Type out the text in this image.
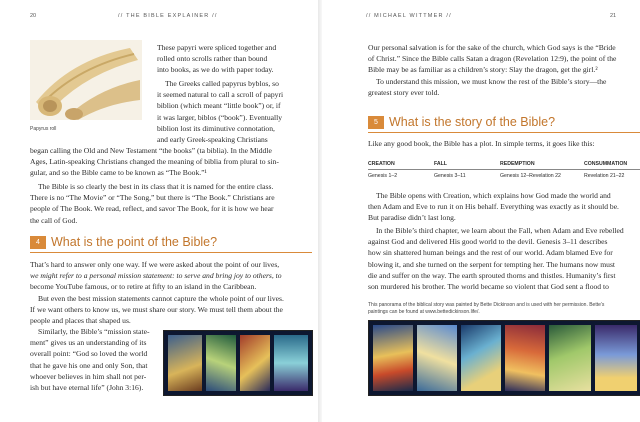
20	// THE BIBLE EXPLAINER //
Papyrus roll

These papyri were spliced together and

rolled onto scrolls rather than bound

into books, as we do with paper today.

The Greeks called papyrus byblos, so

it seemed natural to call a scroll of papyri

biblion (which meant “little book”) or, if

it was larger, biblos (“book”). Eventually

biblion lost its diminutive connotation,

and early Greek-speaking Christians

began calling the Old and New Testament “the books” (ta biblia). In the Middle

Ages, Latin-speaking Christians changed the meaning of biblia from plural to sin-

gular, and so the Bible came to be known as “The Book.”¹

The Bible is so clearly the best in its class that it is named for the entire class.

There is no “The Movie” or “The Song,” but there is “The Book.” Christians are

people of The Book. We read, reflect, and savor The Book, for it is how we hear

the call of God.

4 What is the point of the Bible?

That’s hard to answer only one way. If we were asked about the point of our lives,

we might refer to a personal mission statement: to serve and bring joy to others, to

become YouTube famous, or to retire at fifty to an island in the Caribbean.

But even the best mission statements cannot capture the whole point of our lives.

If we want others to know us, we must share our story. We must tell them about the

people and places that shaped us.

Similarly, the Bible’s “mission state-

ment” gives us an understanding of its

overall point: “God so loved the world

that he gave his one and only Son, that

whoever believes in him shall not per-

ish but have eternal life” (John 3:16).

// MICHAEL WITTMER //	21

Our personal salvation is for the sake of the church, which God says is the “Bride

of Christ.” Since the Bible calls Satan a dragon (Revelation 12:9), the point of the

Bible may be as familiar as a children’s story: Slay the dragon, get the girl.²

To understand this mission, we must know the rest of the Bible’s story—the

greatest story ever told.

5 What is the story of the Bible?

Like any good book, the Bible has a plot. In simple terms, it goes like this:

CREATION	FALL	REDEMPTION	CONSUMMATION
Genesis 1–2	Genesis 3–11	Genesis 12–Revelation 22	Revelation 21–22

The Bible opens with Creation, which explains how God made the world and

then Adam and Eve to run it on His behalf. Everything was exactly as it should be.

But paradise didn’t last long.

In the Bible’s third chapter, we learn about the Fall, when Adam and Eve rebelled

against God and delivered His good world to the devil. Genesis 3–11 describes

how sin shattered human beings and the rest of our world. Adam blamed Eve for

blowing it, and she turned on the serpent for tempting her. The humans now must

die and suffer on the way. The earth sprouted thorns and thistles. Humanity’s first

son murdered his brother. The world became so violent that God sent a flood to

This panorama of the biblical story was painted by Bette Dickinson and is used with her permission. Bette’s
paintings can be found at www.bettedickinson.life/.
